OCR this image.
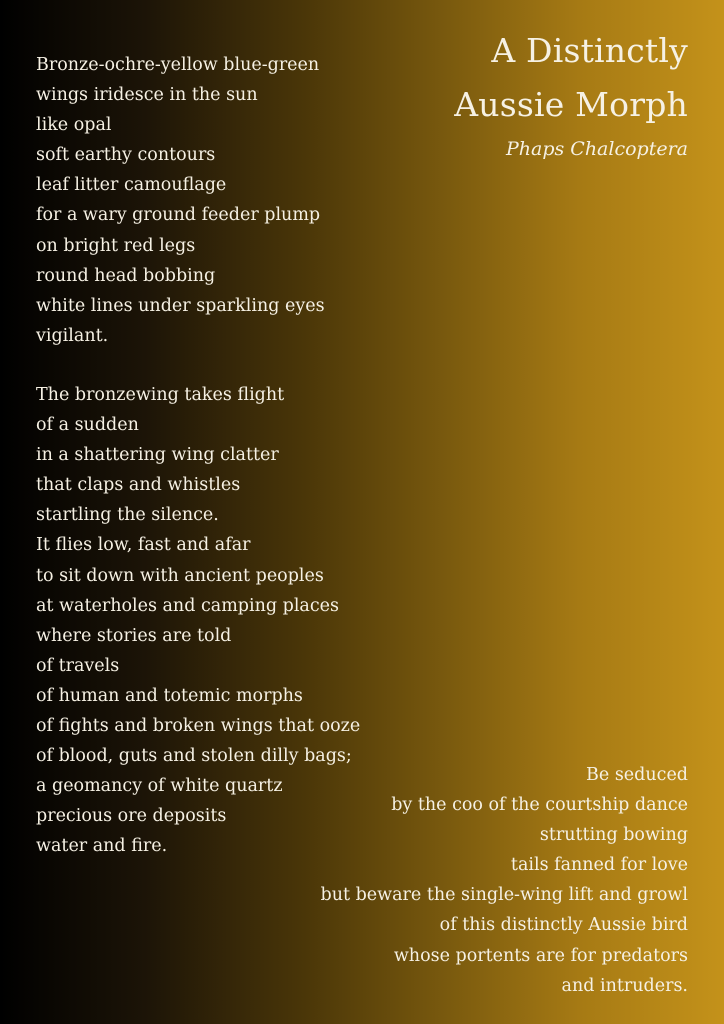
A Distinctly
Aussie Morph
Phaps Chalcoptera
Bronze-ochre-yellow blue-green
wings iridesce in the sun
like opal
soft earthy contours
leaf litter camouflage
for a wary ground feeder plump
on bright red legs
round head bobbing
white lines under sparkling eyes
vigilant.
The bronzewing takes flight
of a sudden
in a shattering wing clatter
that claps and whistles
startling the silence.
It flies low, fast and afar
to sit down with ancient peoples
at waterholes and camping places
where stories are told
of travels
of human and totemic morphs
of fights and broken wings that ooze
of blood, guts and stolen dilly bags;
a geomancy of white quartz
precious ore deposits
water and fire.
Be seduced
by the coo of the courtship dance
strutting bowing
tails fanned for love
but beware the single-wing lift and growl
of this distinctly Aussie bird
whose portents are for predators
and intruders.
